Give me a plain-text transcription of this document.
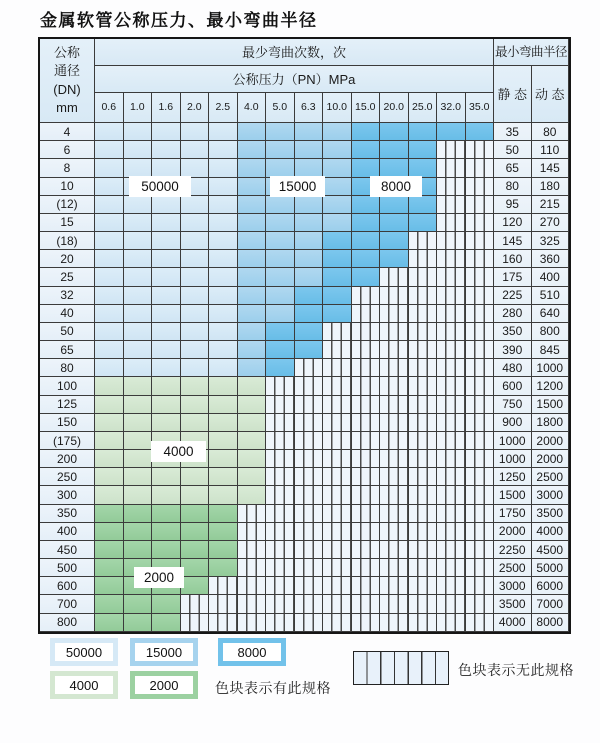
金属软管公称压力、最小弯曲半径
公称
通径
(DN)
mm
最少弯曲次数，次	最小弯曲半径
公称压力（PN）MPa
静 态 动 态
0.6	1.0	1.6	2.0	2.5	4.0	5.0	6.3	10.0 15.0 20.0 25.0 32.0 35.0
4	35	80
6	50	110
8	65	145
10	80	180
(12)	95	215
15	120	270
(18)	145	325
20	160	360
25	175	400
32	225	510
40	280	640
50	350	800
65	390	845
80	480	1000
100	600	1200
125	750	1500
150	900	1800
(175)	1000 2000
200	1000 2000
250	1250 2500
300	1500 3000
350	1750 3500
400	2000 4000
450	2250 4500
500	2500 5000
600	3000 6000
700	3500 7000
800	4000 8000
50000	15000	8000
4000
2000
50000	15000	8000
4000	2000	色块表示有此规格
色块表示无此规格
